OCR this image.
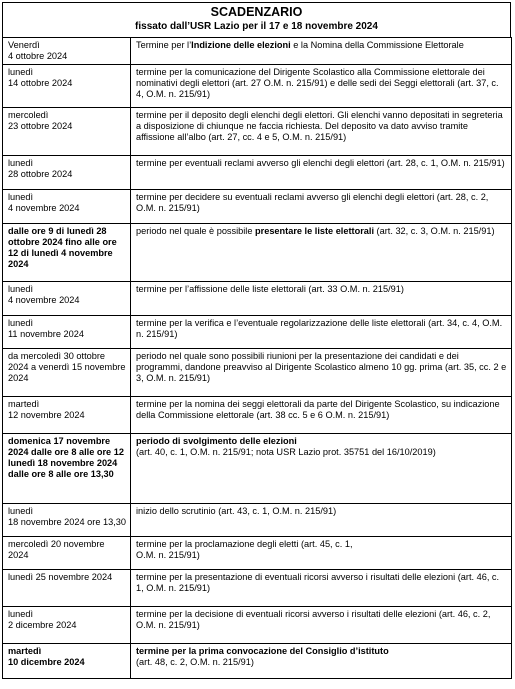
SCADENZARIO
fissato dall’USR Lazio per il 17 e 18 novembre 2024
Venerdì
4 ottobre 2024	Termine per l’Indizione delle elezioni e la Nomina della Commissione Elettorale
lunedì
14 ottobre 2024	termine per la comunicazione del Dirigente Scolastico alla Commissione elettorale dei nominativi degli elettori (art. 27 O.M. n. 215/91) e delle sedi dei Seggi elettorali (art. 37, c. 4, O.M. n. 215/91)
mercoledì
23 ottobre 2024	termine per il deposito degli elenchi degli elettori. Gli elenchi vanno depositati in segreteria a disposizione di chiunque ne faccia richiesta. Del deposito va dato avviso tramite affissione all’albo (art. 27, cc. 4 e 5, O.M. n. 215/91)
lunedì
28 ottobre 2024	termine per eventuali reclami avverso gli elenchi degli elettori (art. 28, c. 1, O.M. n. 215/91)
lunedì
4 novembre 2024	termine per decidere su eventuali reclami avverso gli elenchi degli elettori (art. 28, c. 2, O.M. n. 215/91)
dalle ore 9 di lunedì 28 ottobre 2024 fino alle ore 12 di lunedì 4 novembre 2024	periodo nel quale è possibile presentare le liste elettorali (art. 32, c. 3, O.M. n. 215/91)
lunedì
4 novembre 2024	termine per l’affissione delle liste elettorali (art. 33 O.M. n. 215/91)
lunedì
11 novembre 2024	termine per la verifica e l’eventuale regolarizzazione delle liste elettorali (art. 34, c. 4, O.M. n. 215/91)
da mercoledì 30 ottobre 2024 a venerdì 15 novembre 2024	periodo nel quale sono possibili riunioni per la presentazione dei candidati e dei programmi, dandone preavviso al Dirigente Scolastico almeno 10 gg. prima (art. 35, cc. 2 e 3, O.M. n. 215/91)
martedì
12 novembre 2024	termine per la nomina dei seggi elettorali da parte del Dirigente Scolastico, su indicazione della Commissione elettorale (art. 38 cc. 5 e 6 O.M. n. 215/91)
domenica 17 novembre 2024 dalle ore 8 alle ore 12 lunedì 18 novembre 2024 dalle ore 8 alle ore 13,30	periodo di svolgimento delle elezioni
(art. 40, c. 1, O.M. n. 215/91; nota USR Lazio prot. 35751 del 16/10/2019)
lunedì
18 novembre 2024 ore 13,30	inizio dello scrutinio (art. 43, c. 1, O.M. n. 215/91)
mercoledì 20 novembre 2024	termine per la proclamazione degli eletti (art. 45, c. 1,
O.M. n. 215/91)
lunedì 25 novembre 2024	termine per la presentazione di eventuali ricorsi avverso i risultati delle elezioni (art. 46, c. 1, O.M. n. 215/91)
lunedì
2 dicembre 2024	termine per la decisione di eventuali ricorsi avverso i risultati delle elezioni (art. 46, c. 2, O.M. n. 215/91)
martedì
10 dicembre 2024	termine per la prima convocazione del Consiglio d’istituto
(art. 48, c. 2, O.M. n. 215/91)
